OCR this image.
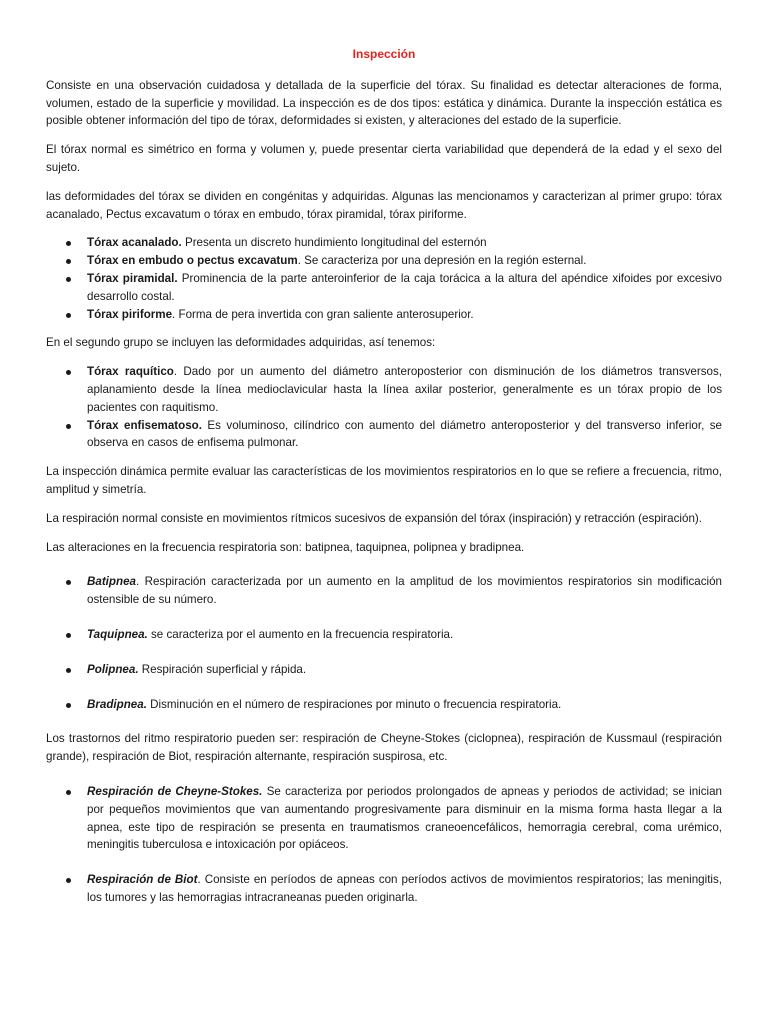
Inspección

Consiste en una observación cuidadosa y detallada de la superficie del tórax. Su finalidad es detectar alteraciones de forma, volumen, estado de la superficie y movilidad. La inspección es de dos tipos: estática y dinámica. Durante la inspección estática es posible obtener información del tipo de tórax, deformidades si existen, y alteraciones del estado de la superficie.

El tórax normal es simétrico en forma y volumen y, puede presentar cierta variabilidad que dependerá de la edad y el sexo del sujeto.

las deformidades del tórax se dividen en congénitas y adquiridas. Algunas las mencionamos y caracterizan al primer grupo: tórax acanalado, Pectus excavatum o tórax en embudo, tórax piramidal, tórax piriforme.

Tórax acanalado. Presenta un discreto hundimiento longitudinal del esternón
Tórax en embudo o pectus excavatum. Se caracteriza por una depresión en la región esternal.
Tórax piramidal. Prominencia de la parte anteroinferior de la caja torácica a la altura del apéndice xifoides por excesivo desarrollo costal.
Tórax piriforme. Forma de pera invertida con gran saliente anterosuperior.

En el segundo grupo se incluyen las deformidades adquiridas, así tenemos:

Tórax raquítico. Dado por un aumento del diámetro anteroposterior con disminución de los diámetros transversos, aplanamiento desde la línea medioclavicular hasta la línea axilar posterior, generalmente es un tórax propio de los pacientes con raquitismo.
Tórax enfisematoso. Es voluminoso, cilíndrico con aumento del diámetro anteroposterior y del transverso inferior, se observa en casos de enfisema pulmonar.

La inspección dinámica permite evaluar las características de los movimientos respiratorios en lo que se refiere a frecuencia, ritmo, amplitud y simetría.

La respiración normal consiste en movimientos rítmicos sucesivos de expansión del tórax (inspiración) y retracción (espiración).

Las alteraciones en la frecuencia respiratoria son: batipnea, taquipnea, polipnea y bradipnea.

Batipnea. Respiración caracterizada por un aumento en la amplitud de los movimientos respiratorios sin modificación ostensible de su número.
Taquipnea. se caracteriza por el aumento en la frecuencia respiratoria.
Polipnea. Respiración superficial y rápida.
Bradipnea. Disminución en el número de respiraciones por minuto o frecuencia respiratoria.

Los trastornos del ritmo respiratorio pueden ser: respiración de Cheyne-Stokes (ciclopnea), respiración de Kussmaul (respiración grande), respiración de Biot, respiración alternante, respiración suspirosa, etc.

Respiración de Cheyne-Stokes. Se caracteriza por periodos prolongados de apneas y periodos de actividad; se inician por pequeños movimientos que van aumentando progresivamente para disminuir en la misma forma hasta llegar a la apnea, este tipo de respiración se presenta en traumatismos craneoencefálicos, hemorragia cerebral, coma urémico, meningitis tuberculosa e intoxicación por opiáceos.
Respiración de Biot. Consiste en períodos de apneas con períodos activos de movimientos respiratorios; las meningitis, los tumores y las hemorragias intracraneanas pueden originarla.
